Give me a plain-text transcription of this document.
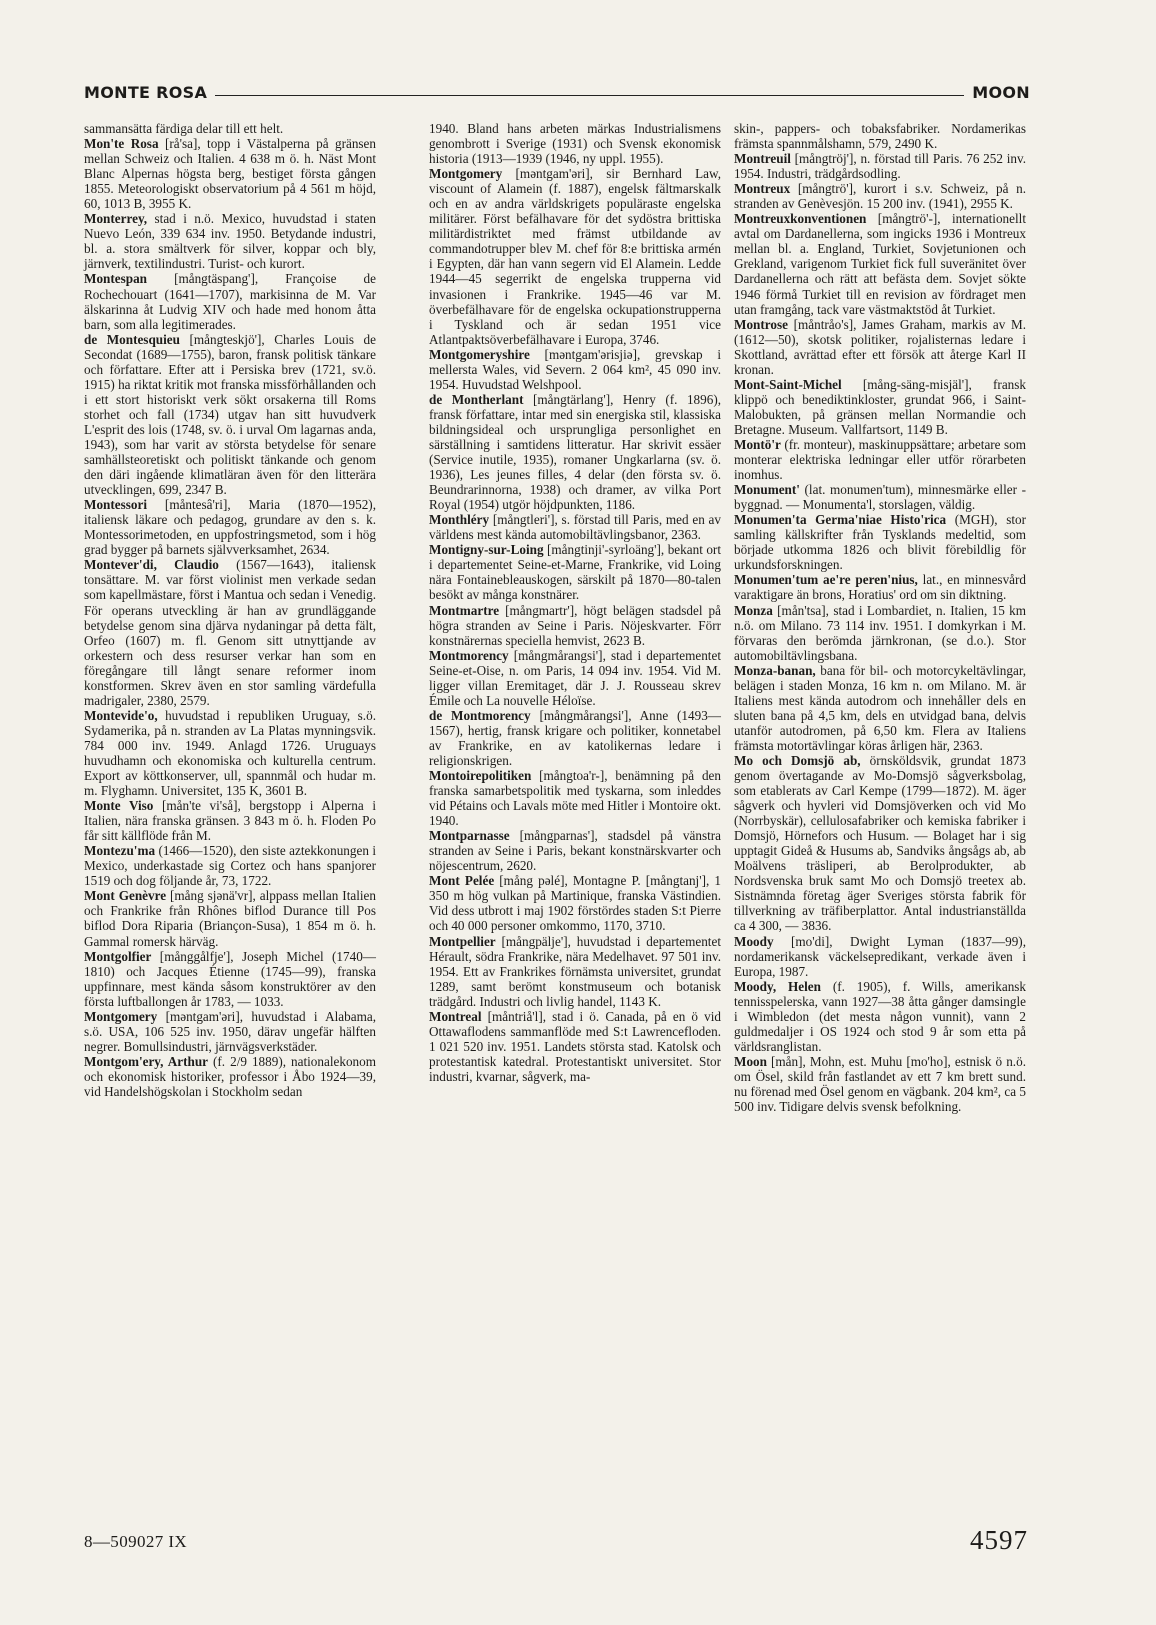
MONTE ROSA	MOON

sammansätta färdiga delar till ett helt.

Mon'te Rosa [rå'sa], topp i Västalperna på gränsen mellan Schweiz och Italien. 4 638 m ö. h. Näst Mont Blanc Alpernas högsta berg, bestiget första gången 1855. Meteorologiskt observatorium på 4 561 m höjd, 60, 1013 B, 3955 K.

Monterrey, stad i n.ö. Mexico, huvudstad i staten Nuevo León, 339 634 inv. 1950. Betydande industri, bl. a. stora smältverk för silver, koppar och bly, järnverk, textilindustri. Turist- och kurort.

Montespan [mångtäspang'], Françoise de Rochechouart (1641—1707), markisinna de M. Var älskarinna åt Ludvig XIV och hade med honom åtta barn, som alla legitimerades.

de Montesquieu [mångteskjö'], Charles Louis de Secondat (1689—1755), baron, fransk politisk tänkare och författare. Efter att i Persiska brev (1721, sv.ö. 1915) ha riktat kritik mot franska missförhållanden och i ett stort historiskt verk sökt orsakerna till Roms storhet och fall (1734) utgav han sitt huvudverk L'esprit des lois (1748, sv. ö. i urval Om lagarnas anda, 1943), som har varit av största betydelse för senare samhällsteoretiskt och politiskt tänkande och genom den däri ingående klimatläran även för den litterära utvecklingen, 699, 2347 B.

Montessori [måntesâ'ri], Maria (1870—1952), italiensk läkare och pedagog, grundare av den s. k. Montessorimetoden, en uppfostringsmetod, som i hög grad bygger på barnets självverksamhet, 2634.

Montever'di, Claudio (1567—1643), italiensk tonsättare. M. var först violinist men verkade sedan som kapellmästare, först i Mantua och sedan i Venedig. För operans utveckling är han av grundläggande betydelse genom sina djärva nydaningar på detta fält, Orfeo (1607) m. fl. Genom sitt utnyttjande av orkestern och dess resurser verkar han som en föregångare till långt senare reformer inom konstformen. Skrev även en stor samling värdefulla madrigaler, 2380, 2579.

Montevide'o, huvudstad i republiken Uruguay, s.ö. Sydamerika, på n. stranden av La Platas mynningsvik. 784 000 inv. 1949. Anlagd 1726. Uruguays huvudhamn och ekonomiska och kulturella centrum. Export av köttkonserver, ull, spannmål och hudar m. m. Flyghamn. Universitet, 135 K, 3601 B.

Monte Viso [mån'te vi'så], bergstopp i Alperna i Italien, nära franska gränsen. 3 843 m ö. h. Floden Po får sitt källflöde från M.

Montezu'ma (1466—1520), den siste aztekkonungen i Mexico, underkastade sig Cortez och hans spanjorer 1519 och dog följande år, 73, 1722.

Mont Genèvre [mång sjənä'vr], alppass mellan Italien och Frankrike från Rhônes biflod Durance till Pos biflod Dora Riparia (Briançon-Susa), 1 854 m ö. h. Gammal romersk härväg.

Montgolfier [månggålfje'], Joseph Michel (1740—1810) och Jacques Étienne (1745—99), franska uppfinnare, mest kända såsom konstruktörer av den första luftballongen år 1783, — 1033.

Montgomery [məntgam'əri], huvudstad i Alabama, s.ö. USA, 106 525 inv. 1950, därav ungefär hälften negrer. Bomullsindustri, järnvägsverkstäder.

Montgom'ery, Arthur (f. 2/9 1889), nationalekonom och ekonomisk historiker, professor i Åbo 1924—39, vid Handelshögskolan i Stockholm sedan

1940. Bland hans arbeten märkas Industrialismens genombrott i Sverige (1931) och Svensk ekonomisk historia (1913—1939 (1946, ny uppl. 1955).

Montgomery [məntgam'əri], sir Bernhard Law, viscount of Alamein (f. 1887), engelsk fältmarskalk och en av andra världskrigets populäraste engelska militärer. Först befälhavare för det sydöstra brittiska militärdistriktet med främst utbildande av commandotrupper blev M. chef för 8:e brittiska armén i Egypten, där han vann segern vid El Alamein. Ledde 1944—45 segerrikt de engelska trupperna vid invasionen i Frankrike. 1945—46 var M. överbefälhavare för de engelska ockupationstrupperna i Tyskland och är sedan 1951 vice Atlantpaktsöverbefälhavare i Europa, 3746.

Montgomeryshire [məntgam'ərisjiə], grevskap i mellersta Wales, vid Severn. 2 064 km², 45 090 inv. 1954. Huvudstad Welshpool.

de Montherlant [mångtärlang'], Henry (f. 1896), fransk författare, intar med sin energiska stil, klassiska bildningsideal och ursprungliga personlighet en särställning i samtidens litteratur. Har skrivit essäer (Service inutile, 1935), romaner Ungkarlarna (sv. ö. 1936), Les jeunes filles, 4 delar (den första sv. ö. Beundrarinnorna, 1938) och dramer, av vilka Port Royal (1954) utgör höjdpunkten, 1186.

Monthléry [mångtleri'], s. förstad till Paris, med en av världens mest kända automobiltävlingsbanor, 2363.

Montigny-sur-Loing [mångtinji'-syrloäng'], bekant ort i departementet Seine-et-Marne, Frankrike, vid Loing nära Fontainebleauskogen, särskilt på 1870—80-talen besökt av många konstnärer.

Montmartre [mångmartr'], högt belägen stadsdel på högra stranden av Seine i Paris. Nöjeskvarter. Förr konstnärernas speciella hemvist, 2623 B.

Montmorency [mångmårangsi'], stad i departementet Seine-et-Oise, n. om Paris, 14 094 inv. 1954. Vid M. ligger villan Eremitaget, där J. J. Rousseau skrev Émile och La nouvelle Héloïse.

de Montmorency [mångmårangsi'], Anne (1493—1567), hertig, fransk krigare och politiker, konnetabel av Frankrike, en av katolikernas ledare i religionskrigen.

Montoirepolitiken [mångtoa'r-], benämning på den franska samarbetspolitik med tyskarna, som inleddes vid Pétains och Lavals möte med Hitler i Montoire okt. 1940.

Montparnasse [mångparnas'], stadsdel på vänstra stranden av Seine i Paris, bekant konstnärskvarter och nöjescentrum, 2620.

Mont Pelée [mång pəlé], Montagne P. [mångtanj'], 1 350 m hög vulkan på Martinique, franska Västindien. Vid dess utbrott i maj 1902 förstördes staden S:t Pierre och 40 000 personer omkommo, 1170, 3710.

Montpellier [mångpälje'], huvudstad i departementet Hérault, södra Frankrike, nära Medelhavet. 97 501 inv. 1954. Ett av Frankrikes förnämsta universitet, grundat 1289, samt berömt konstmuseum och botanisk trädgård. Industri och livlig handel, 1143 K.

Montreal [måntriå'l], stad i ö. Canada, på en ö vid Ottawaflodens sammanflöde med S:t Lawrencefloden. 1 021 520 inv. 1951. Landets största stad. Katolsk och protestantisk katedral. Protestantiskt universitet. Stor industri, kvarnar, sågverk, ma-

skin-, pappers- och tobaksfabriker. Nordamerikas främsta spannmålshamn, 579, 2490 K.

Montreuil [mångtröj'], n. förstad till Paris. 76 252 inv. 1954. Industri, trädgårdsodling.

Montreux [mångtrö'], kurort i s.v. Schweiz, på n. stranden av Genèvesjön. 15 200 inv. (1941), 2955 K.

Montreuxkonventionen [mångtrö'-], internationellt avtal om Dardanellerna, som ingicks 1936 i Montreux mellan bl. a. England, Turkiet, Sovjetunionen och Grekland, varigenom Turkiet fick full suveränitet över Dardanellerna och rätt att befästa dem. Sovjet sökte 1946 förmå Turkiet till en revision av fördraget men utan framgång, tack vare västmaktstöd åt Turkiet.

Montrose [måntråo's], James Graham, markis av M. (1612—50), skotsk politiker, rojalisternas ledare i Skottland, avrättad efter ett försök att återge Karl II kronan.

Mont-Saint-Michel [mång-säng-misjäl'], fransk klippö och benediktinkloster, grundat 966, i Saint-Malobukten, på gränsen mellan Normandie och Bretagne. Museum. Vallfartsort, 1149 B.

Montö'r (fr. monteur), maskinuppsättare; arbetare som monterar elektriska ledningar eller utför rörarbeten inomhus.

Monument' (lat. monumen'tum), minnesmärke eller -byggnad. — Monumenta'l, storslagen, väldig.

Monumen'ta Germa'niae Histo'rica (MGH), stor samling källskrifter från Tysklands medeltid, som började utkomma 1826 och blivit förebildlig för urkundsforskningen.

Monumen'tum ae're peren'nius, lat., en minnesvård varaktigare än brons, Horatius' ord om sin diktning.

Monza [mån'tsa], stad i Lombardiet, n. Italien, 15 km n.ö. om Milano. 73 114 inv. 1951. I domkyrkan i M. förvaras den berömda järnkronan, (se d.o.). Stor automobiltävlingsbana.

Monza-banan, bana för bil- och motorcykeltävlingar, belägen i staden Monza, 16 km n. om Milano. M. är Italiens mest kända autodrom och innehåller dels en sluten bana på 4,5 km, dels en utvidgad bana, delvis utanför autodromen, på 6,50 km. Flera av Italiens främsta motortävlingar köras årligen här, 2363.

Mo och Domsjö ab, örnsköldsvik, grundat 1873 genom övertagande av Mo-Domsjö sågverksbolag, som etablerats av Carl Kempe (1799—1872). M. äger sågverk och hyvleri vid Domsjöverken och vid Mo (Norrbyskär), cellulosafabriker och kemiska fabriker i Domsjö, Hörnefors och Husum. — Bolaget har i sig upptagit Gideå & Husums ab, Sandviks ångsågs ab, ab Moälvens träsliperi, ab Berolprodukter, ab Nordsvenska bruk samt Mo och Domsjö treetex ab. Sistnämnda företag äger Sveriges största fabrik för tillverkning av träfiberplattor. Antal industrianställda ca 4 300, — 3836.

Moody [mo'di], Dwight Lyman (1837—99), nordamerikansk väckelsepredikant, verkade även i Europa, 1987.

Moody, Helen (f. 1905), f. Wills, amerikansk tennisspelerska, vann 1927—38 åtta gånger damsingle i Wimbledon (det mesta någon vunnit), vann 2 guldmedaljer i OS 1924 och stod 9 år som etta på världsranglistan.

Moon [mån], Mohn, est. Muhu [mo'ho], estnisk ö n.ö. om Ösel, skild från fastlandet av ett 7 km brett sund. nu förenad med Ösel genom en vägbank. 204 km², ca 5 500 inv. Tidigare delvis svensk befolkning.

8—509027 IX	4597
